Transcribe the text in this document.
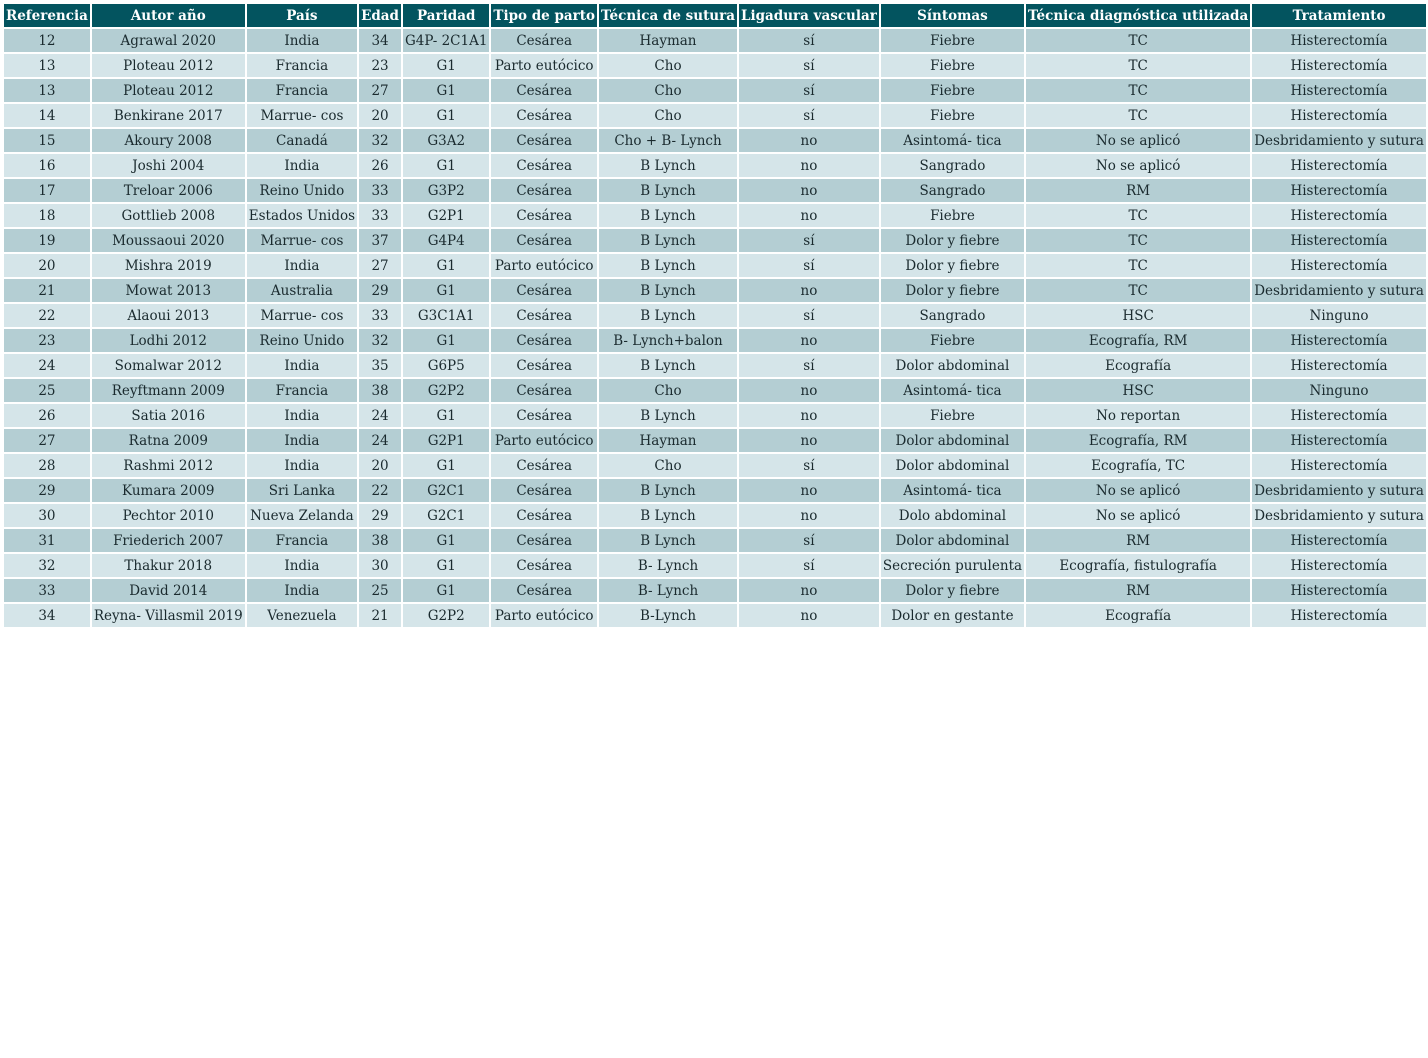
Referencia	Autor año	País	Edad	Paridad	Tipo de parto	Técnica de sutura	Ligadura vascular	Síntomas	Técnica diagnóstica utilizada	Tratamiento
12	Agrawal 2020	India	34	G4P- 2C1A1	Cesárea	Hayman	sí	Fiebre	TC	Histerectomía
13	Ploteau 2012	Francia	23	G1	Parto eutócico	Cho	sí	Fiebre	TC	Histerectomía
13	Ploteau 2012	Francia	27	G1	Cesárea	Cho	sí	Fiebre	TC	Histerectomía
14	Benkirane 2017	Marrue- cos	20	G1	Cesárea	Cho	sí	Fiebre	TC	Histerectomía
15	Akoury 2008	Canadá	32	G3A2	Cesárea	Cho + B- Lynch	no	Asintomá- tica	No se aplicó	Desbridamiento y sutura
16	Joshi 2004	India	26	G1	Cesárea	B Lynch	no	Sangrado	No se aplicó	Histerectomía
17	Treloar 2006	Reino Unido	33	G3P2	Cesárea	B Lynch	no	Sangrado	RM	Histerectomía
18	Gottlieb 2008	Estados Unidos	33	G2P1	Cesárea	B Lynch	no	Fiebre	TC	Histerectomía
19	Moussaoui 2020	Marrue- cos	37	G4P4	Cesárea	B Lynch	sí	Dolor y fiebre	TC	Histerectomía
20	Mishra 2019	India	27	G1	Parto eutócico	B Lynch	sí	Dolor y fiebre	TC	Histerectomía
21	Mowat 2013	Australia	29	G1	Cesárea	B Lynch	no	Dolor y fiebre	TC	Desbridamiento y sutura
22	Alaoui 2013	Marrue- cos	33	G3C1A1	Cesárea	B Lynch	sí	Sangrado	HSC	Ninguno
23	Lodhi 2012	Reino Unido	32	G1	Cesárea	B- Lynch+balon	no	Fiebre	Ecografía, RM	Histerectomía
24	Somalwar 2012	India	35	G6P5	Cesárea	B Lynch	sí	Dolor abdominal	Ecografía	Histerectomía
25	Reyftmann 2009	Francia	38	G2P2	Cesárea	Cho	no	Asintomá- tica	HSC	Ninguno
26	Satia 2016	India	24	G1	Cesárea	B Lynch	no	Fiebre	No reportan	Histerectomía
27	Ratna 2009	India	24	G2P1	Parto eutócico	Hayman	no	Dolor abdominal	Ecografía, RM	Histerectomía
28	Rashmi 2012	India	20	G1	Cesárea	Cho	sí	Dolor abdominal	Ecografía, TC	Histerectomía
29	Kumara 2009	Sri Lanka	22	G2C1	Cesárea	B Lynch	no	Asintomá- tica	No se aplicó	Desbridamiento y sutura
30	Pechtor 2010	Nueva Zelanda	29	G2C1	Cesárea	B Lynch	no	Dolo abdominal	No se aplicó	Desbridamiento y sutura
31	Friederich 2007	Francia	38	G1	Cesárea	B Lynch	sí	Dolor abdominal	RM	Histerectomía
32	Thakur 2018	India	30	G1	Cesárea	B- Lynch	sí	Secreción purulenta	Ecografía, fistulografía	Histerectomía
33	David 2014	India	25	G1	Cesárea	B- Lynch	no	Dolor y fiebre	RM	Histerectomía
34	Reyna- Villasmil 2019	Venezuela	21	G2P2	Parto eutócico	B-Lynch	no	Dolor en gestante	Ecografía	Histerectomía
